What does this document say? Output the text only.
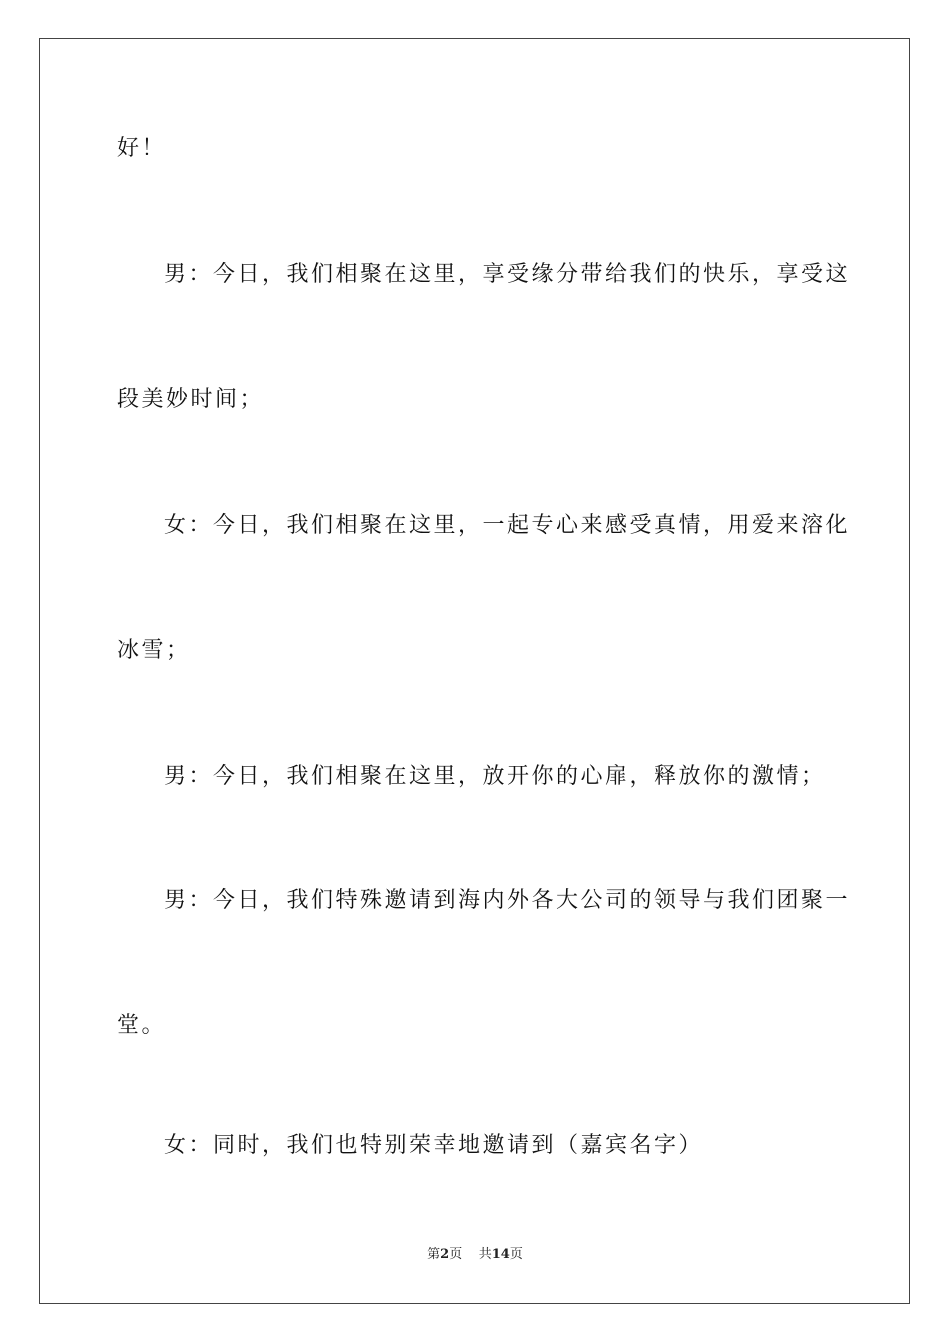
好！
男：今日，我们相聚在这里，享受缘分带给我们的快乐，享受这
段美妙时间；
女：今日，我们相聚在这里，一起专心来感受真情，用爱来溶化
冰雪；
男：今日，我们相聚在这里，放开你的心扉，释放你的激情；
男：今日，我们特殊邀请到海内外各大公司的领导与我们团聚一
堂。
女：同时，我们也特别荣幸地邀请到（嘉宾名字）
第2页 共14页
